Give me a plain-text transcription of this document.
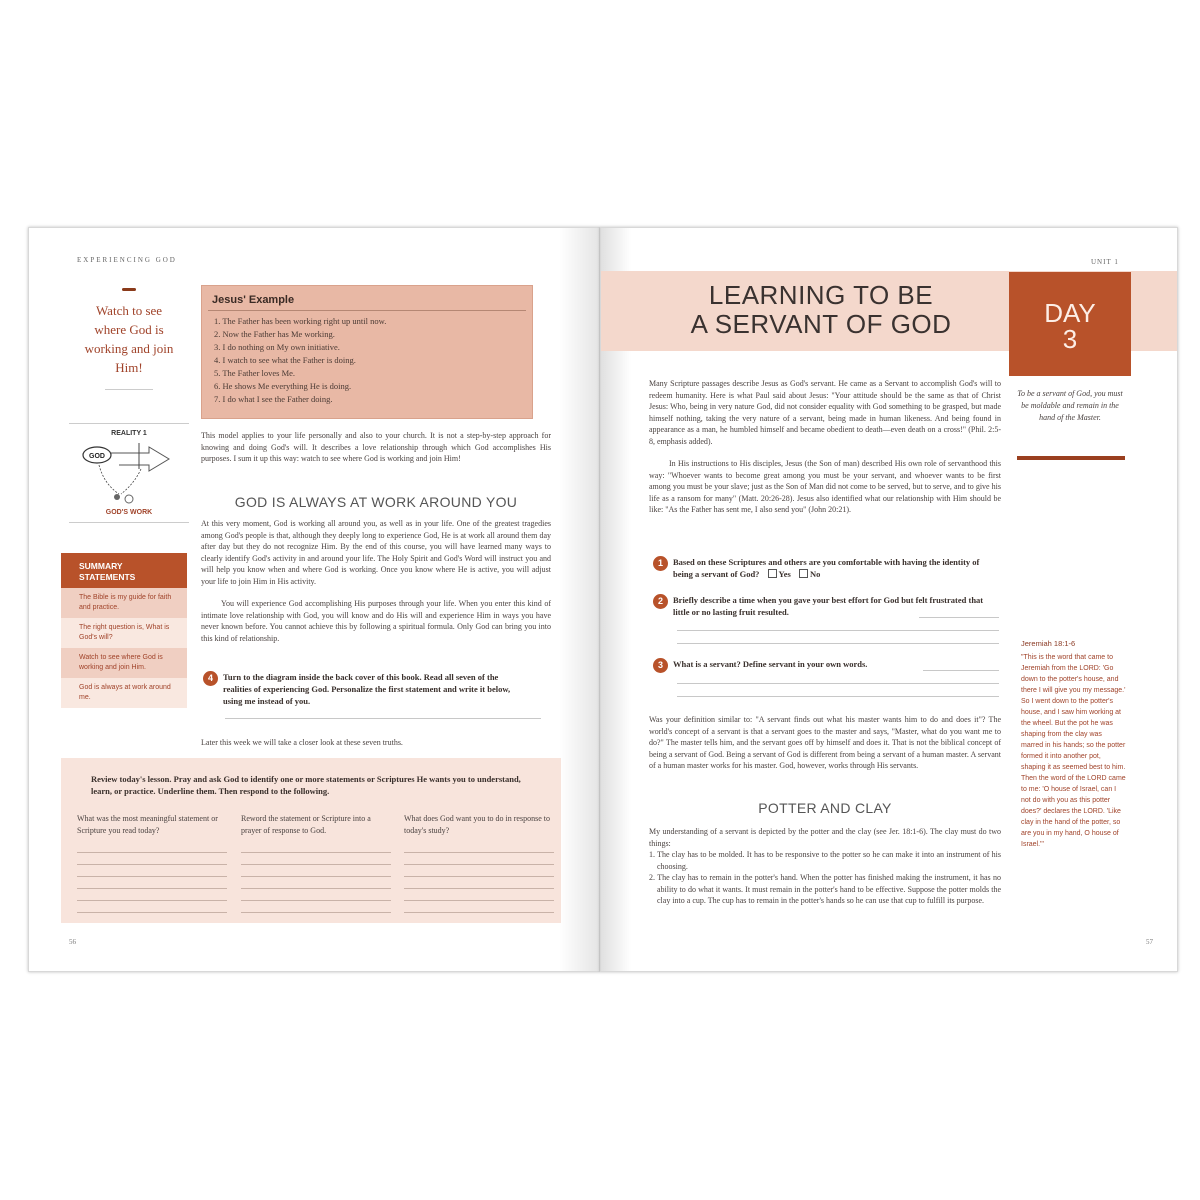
EXPERIENCING GOD
Watch to see where God is working and join Him!
Jesus' Example
1. The Father has been working right up until now.
2. Now the Father has Me working.
3. I do nothing on My own initiative.
4. I watch to see what the Father is doing.
5. The Father loves Me.
6. He shows Me everything He is doing.
7. I do what I see the Father doing.
REALITY 1
GOD
GOD'S WORK
SUMMARY STATEMENTS
The Bible is my guide for faith and practice.
The right question is, What is God's will?
Watch to see where God is working and join Him.
God is always at work around me.
This model applies to your life personally and also to your church. It is not a step-by-step approach for knowing and doing God's will. It describes a love relationship through which God accomplishes His purposes. I sum it up this way: watch to see where God is working and join Him!
GOD IS ALWAYS AT WORK AROUND YOU
At this very moment, God is working all around you, as well as in your life. One of the greatest tragedies among God's people is that, although they deeply long to experience God, He is at work all around them day after day but they do not recognize Him. By the end of this course, you will have learned many ways to clearly identify God's activity in and around your life. The Holy Spirit and God's Word will instruct you and will help you know when and where God is working. Once you know where He is active, you will adjust your life to join Him in His activity.
You will experience God accomplishing His purposes through your life. When you enter this kind of intimate love relationship with God, you will know and do His will and experience Him in ways you have never known before. You cannot achieve this by following a spiritual formula. Only God can bring you into this kind of relationship.
4	Turn to the diagram inside the back cover of this book. Read all seven of the realities of experiencing God. Personalize the first statement and write it below, using me instead of you.
Later this week we will take a closer look at these seven truths.
Review today's lesson. Pray and ask God to identify one or more statements or Scriptures He wants you to understand, learn, or practice. Underline them. Then respond to the following.
What was the most meaningful statement or Scripture you read today?
Reword the statement or Scripture into a prayer of response to God.
What does God want you to do in response to today's study?
56
UNIT 1
LEARNING TO BE
A SERVANT OF GOD	DAY
3
To be a servant of God, you must be moldable and remain in the hand of the Master.
Many Scripture passages describe Jesus as God's servant. He came as a Servant to accomplish God's will to redeem humanity. Here is what Paul said about Jesus: "Your attitude should be the same as that of Christ Jesus: Who, being in very nature God, did not consider equality with God something to be grasped, but made himself nothing, taking the very nature of a servant, being made in human likeness. And being found in appearance as a man, he humbled himself and became obedient to death—even death on a cross!" (Phil. 2:5-8, emphasis added).
In His instructions to His disciples, Jesus (the Son of man) described His own role of servanthood this way: "Whoever wants to become great among you must be your servant, and whoever wants to be first among you must be your slave; just as the Son of Man did not come to be served, but to serve, and to give his life as a ransom for many" (Matt. 20:26-28). Jesus also identified what our relationship with Him should be like: "As the Father has sent me, I also send you" (John 20:21).
1	Based on these Scriptures and others are you comfortable with having the identity of being a servant of God? Yes No
2	Briefly describe a time when you gave your best effort for God but felt frustrated that little or no lasting fruit resulted.
3	What is a servant? Define servant in your own words.
Was your definition similar to: "A servant finds out what his master wants him to do and does it"? The world's concept of a servant is that a servant goes to the master and says, "Master, what do you want me to do?" The master tells him, and the servant goes off by himself and does it. That is not the biblical concept of being a servant of God. Being a servant of God is different from being a servant of a human master. A servant of a human master works for his master. God, however, works through His servants.
POTTER AND CLAY
My understanding of a servant is depicted by the potter and the clay (see Jer. 18:1-6). The clay must do two things:
1. The clay has to be molded. It has to be responsive to the potter so he can make it into an instrument of his choosing.
2. The clay has to remain in the potter's hand. When the potter has finished making the instrument, it has no ability to do what it wants. It must remain in the potter's hand to be effective. Suppose the potter molds the clay into a cup. The cup has to remain in the potter's hands so he can use that cup to fulfill its purpose.
Jeremiah 18:1-6
"This is the word that came to Jeremiah from the LORD: 'Go down to the potter's house, and there I will give you my message.' So I went down to the potter's house, and I saw him working at the wheel. But the pot he was shaping from the clay was marred in his hands; so the potter formed it into another pot, shaping it as seemed best to him. Then the word of the LORD came to me: 'O house of Israel, can I not do with you as this potter does?' declares the LORD. 'Like clay in the hand of the potter, so are you in my hand, O house of Israel.'"
57
